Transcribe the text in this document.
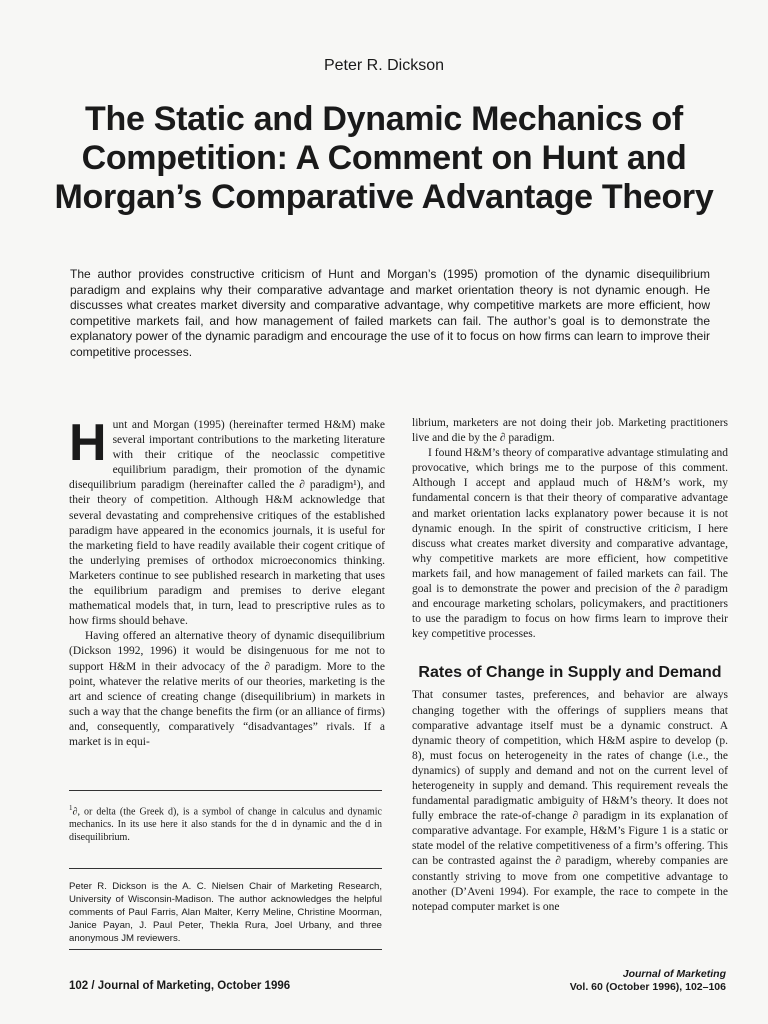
Peter R. Dickson
The Static and Dynamic Mechanics of Competition: A Comment on Hunt and Morgan’s Comparative Advantage Theory

The author provides constructive criticism of Hunt and Morgan’s (1995) promotion of the dynamic disequilibrium paradigm and explains why their comparative advantage and market orientation theory is not dynamic enough. He discusses what creates market diversity and comparative advantage, why competitive markets are more efficient, how competitive markets fail, and how management of failed markets can fail. The author’s goal is to demonstrate the explanatory power of the dynamic paradigm and encourage the use of it to focus on how firms can learn to improve their competitive processes.

Hunt and Morgan (1995) (hereinafter termed H&M) make several important contributions to the marketing literature with their critique of the neoclassic competitive equilibrium paradigm, their promotion of the dynamic disequilibrium paradigm (hereinafter called the ∂ paradigm¹), and their theory of competition. Although H&M acknowledge that several devastating and comprehensive critiques of the established paradigm have appeared in the economics journals, it is useful for the marketing field to have readily available their cogent critique of the underlying premises of orthodox microeconomics thinking. Marketers continue to see published research in marketing that uses the equilibrium paradigm and premises to derive elegant mathematical models that, in turn, lead to prescriptive rules as to how firms should behave.

Having offered an alternative theory of dynamic disequilibrium (Dickson 1992, 1996) it would be disingenuous for me not to support H&M in their advocacy of the ∂ paradigm. More to the point, whatever the relative merits of our theories, marketing is the art and science of creating change (disequilibrium) in markets in such a way that the change benefits the firm (or an alliance of firms) and, consequently, comparatively “disadvantages” rivals. If a market is in equi-

librium, marketers are not doing their job. Marketing practitioners live and die by the ∂ paradigm.

I found H&M’s theory of comparative advantage stimulating and provocative, which brings me to the purpose of this comment. Although I accept and applaud much of H&M’s work, my fundamental concern is that their theory of comparative advantage and market orientation lacks explanatory power because it is not dynamic enough. In the spirit of constructive criticism, I here discuss what creates market diversity and comparative advantage, why competitive markets are more efficient, how competitive markets fail, and how management of failed markets can fail. The goal is to demonstrate the power and precision of the ∂ paradigm and encourage marketing scholars, policymakers, and practitioners to use the paradigm to focus on how firms learn to improve their key competitive processes.

Rates of Change in Supply and Demand

That consumer tastes, preferences, and behavior are always changing together with the offerings of suppliers means that comparative advantage itself must be a dynamic construct. A dynamic theory of competition, which H&M aspire to develop (p. 8), must focus on heterogeneity in the rates of change (i.e., the dynamics) of supply and demand and not on the current level of heterogeneity in supply and demand. This requirement reveals the fundamental paradigmatic ambiguity of H&M’s theory. It does not fully embrace the rate-of-change ∂ paradigm in its explanation of comparative advantage. For example, H&M’s Figure 1 is a static or state model of the relative competitiveness of a firm’s offering. This can be contrasted against the ∂ paradigm, whereby companies are constantly striving to move from one competitive advantage to another (D’Aveni 1994). For example, the race to compete in the notepad computer market is one

$^1$∂, or delta (the Greek d), is a symbol of change in calculus and dynamic mechanics. In its use here it also stands for the d in dynamic and the d in disequilibrium.

Peter R. Dickson is the A. C. Nielsen Chair of Marketing Research, University of Wisconsin-Madison. The author acknowledges the helpful comments of Paul Farris, Alan Malter, Kerry Meline, Christine Moorman, Janice Payan, J. Paul Peter, Thekla Rura, Joel Urbany, and three anonymous JM reviewers.

102 / Journal of Marketing, October 1996
Journal of Marketing
Vol. 60 (October 1996), 102–106
